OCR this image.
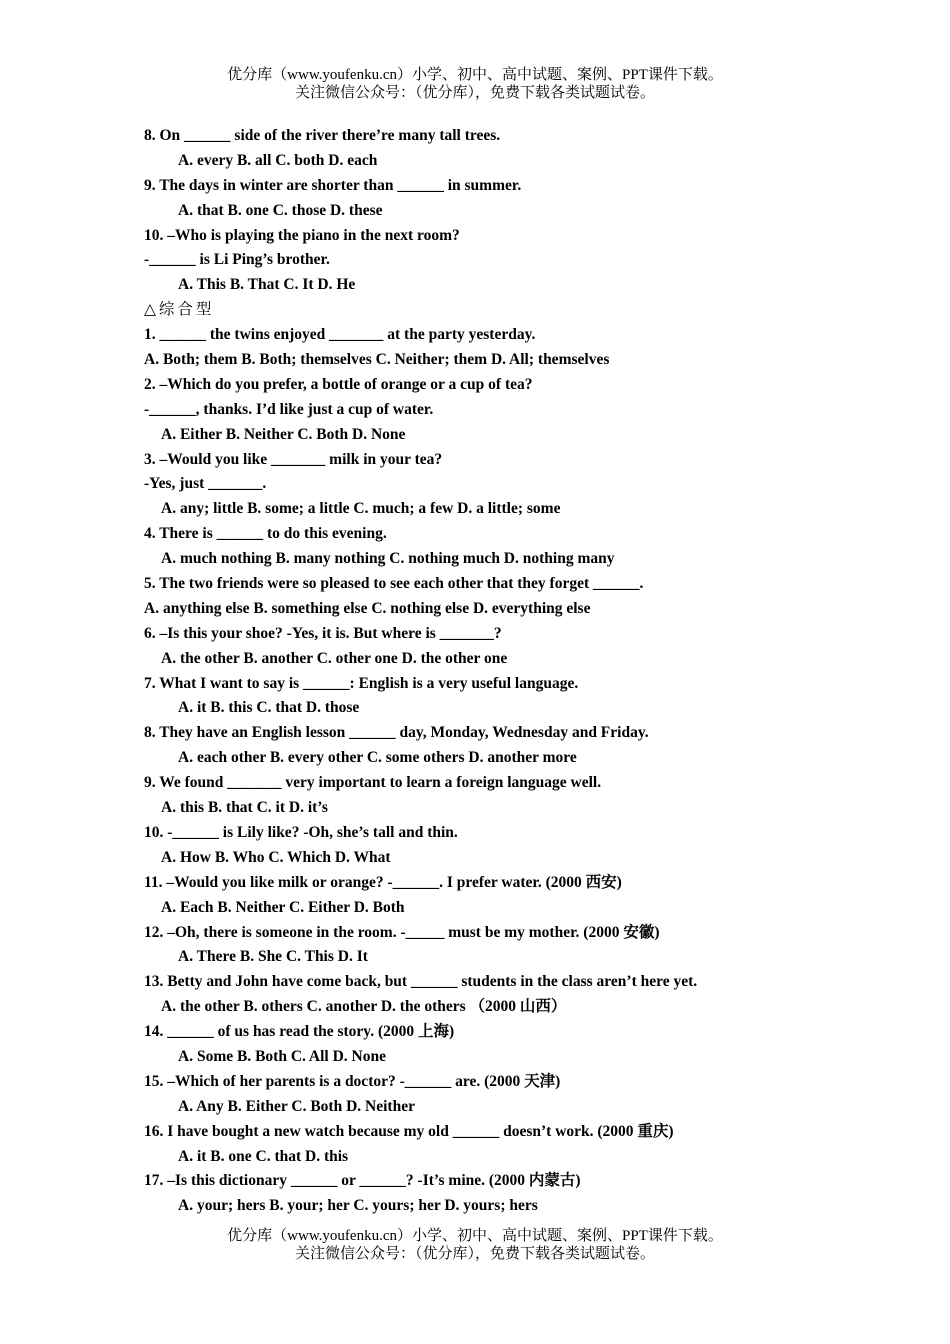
优分库（www.youfenku.cn）小学、初中、高中试题、案例、PPT课件下载。
关注微信公众号：（优分库），免费下载各类试题试卷。
8. On ______ side of the river there’re many tall trees.
A. every B. all C. both D. each
9. The days in winter are shorter than ______ in summer.
A. that B. one C. those D. these
10. –Who is playing the piano in the next room?
-______ is Li Ping’s brother.
A. This B. That C. It D. He
△综合型
1. ______ the twins enjoyed _______ at the party yesterday.
A. Both; them B. Both; themselves C. Neither; them D. All; themselves
2. –Which do you prefer, a bottle of orange or a cup of tea?
-______, thanks. I’d like just a cup of water.
A. Either B. Neither C. Both D. None
3. –Would you like _______ milk in your tea?
-Yes, just _______.
A. any; little B. some; a little C. much; a few D. a little; some
4. There is ______ to do this evening.
A. much nothing B. many nothing C. nothing much D. nothing many
5. The two friends were so pleased to see each other that they forget ______.
A. anything else B. something else C. nothing else D. everything else
6. –Is this your shoe? -Yes, it is. But where is _______?
A. the other B. another C. other one D. the other one
7. What I want to say is ______: English is a very useful language.
A. it B. this C. that D. those
8. They have an English lesson ______ day, Monday, Wednesday and Friday.
A. each other B. every other C. some others D. another more
9. We found _______ very important to learn a foreign language well.
A. this B. that C. it D. it’s
10. -______ is Lily like? -Oh, she’s tall and thin.
A. How B. Who C. Which D. What
11. –Would you like milk or orange? -______. I prefer water. (2000 西安)
A. Each B. Neither C. Either D. Both
12. –Oh, there is someone in the room. -_____ must be my mother. (2000 安徽)
A. There B. She C. This D. It
13. Betty and John have come back, but ______ students in the class aren’t here yet.
A. the other B. others C. another D. the others （2000 山西）
14. ______ of us has read the story. (2000 上海)
A. Some B. Both C. All D. None
15. –Which of her parents is a doctor? -______ are. (2000 天津)
A. Any B. Either C. Both D. Neither
16. I have bought a new watch because my old ______ doesn’t work. (2000 重庆)
A. it B. one C. that D. this
17. –Is this dictionary ______ or ______? -It’s mine. (2000 内蒙古)
A. your; hers B. your; her C. yours; her D. yours; hers
优分库（www.youfenku.cn）小学、初中、高中试题、案例、PPT课件下载。
关注微信公众号：（优分库），免费下载各类试题试卷。
